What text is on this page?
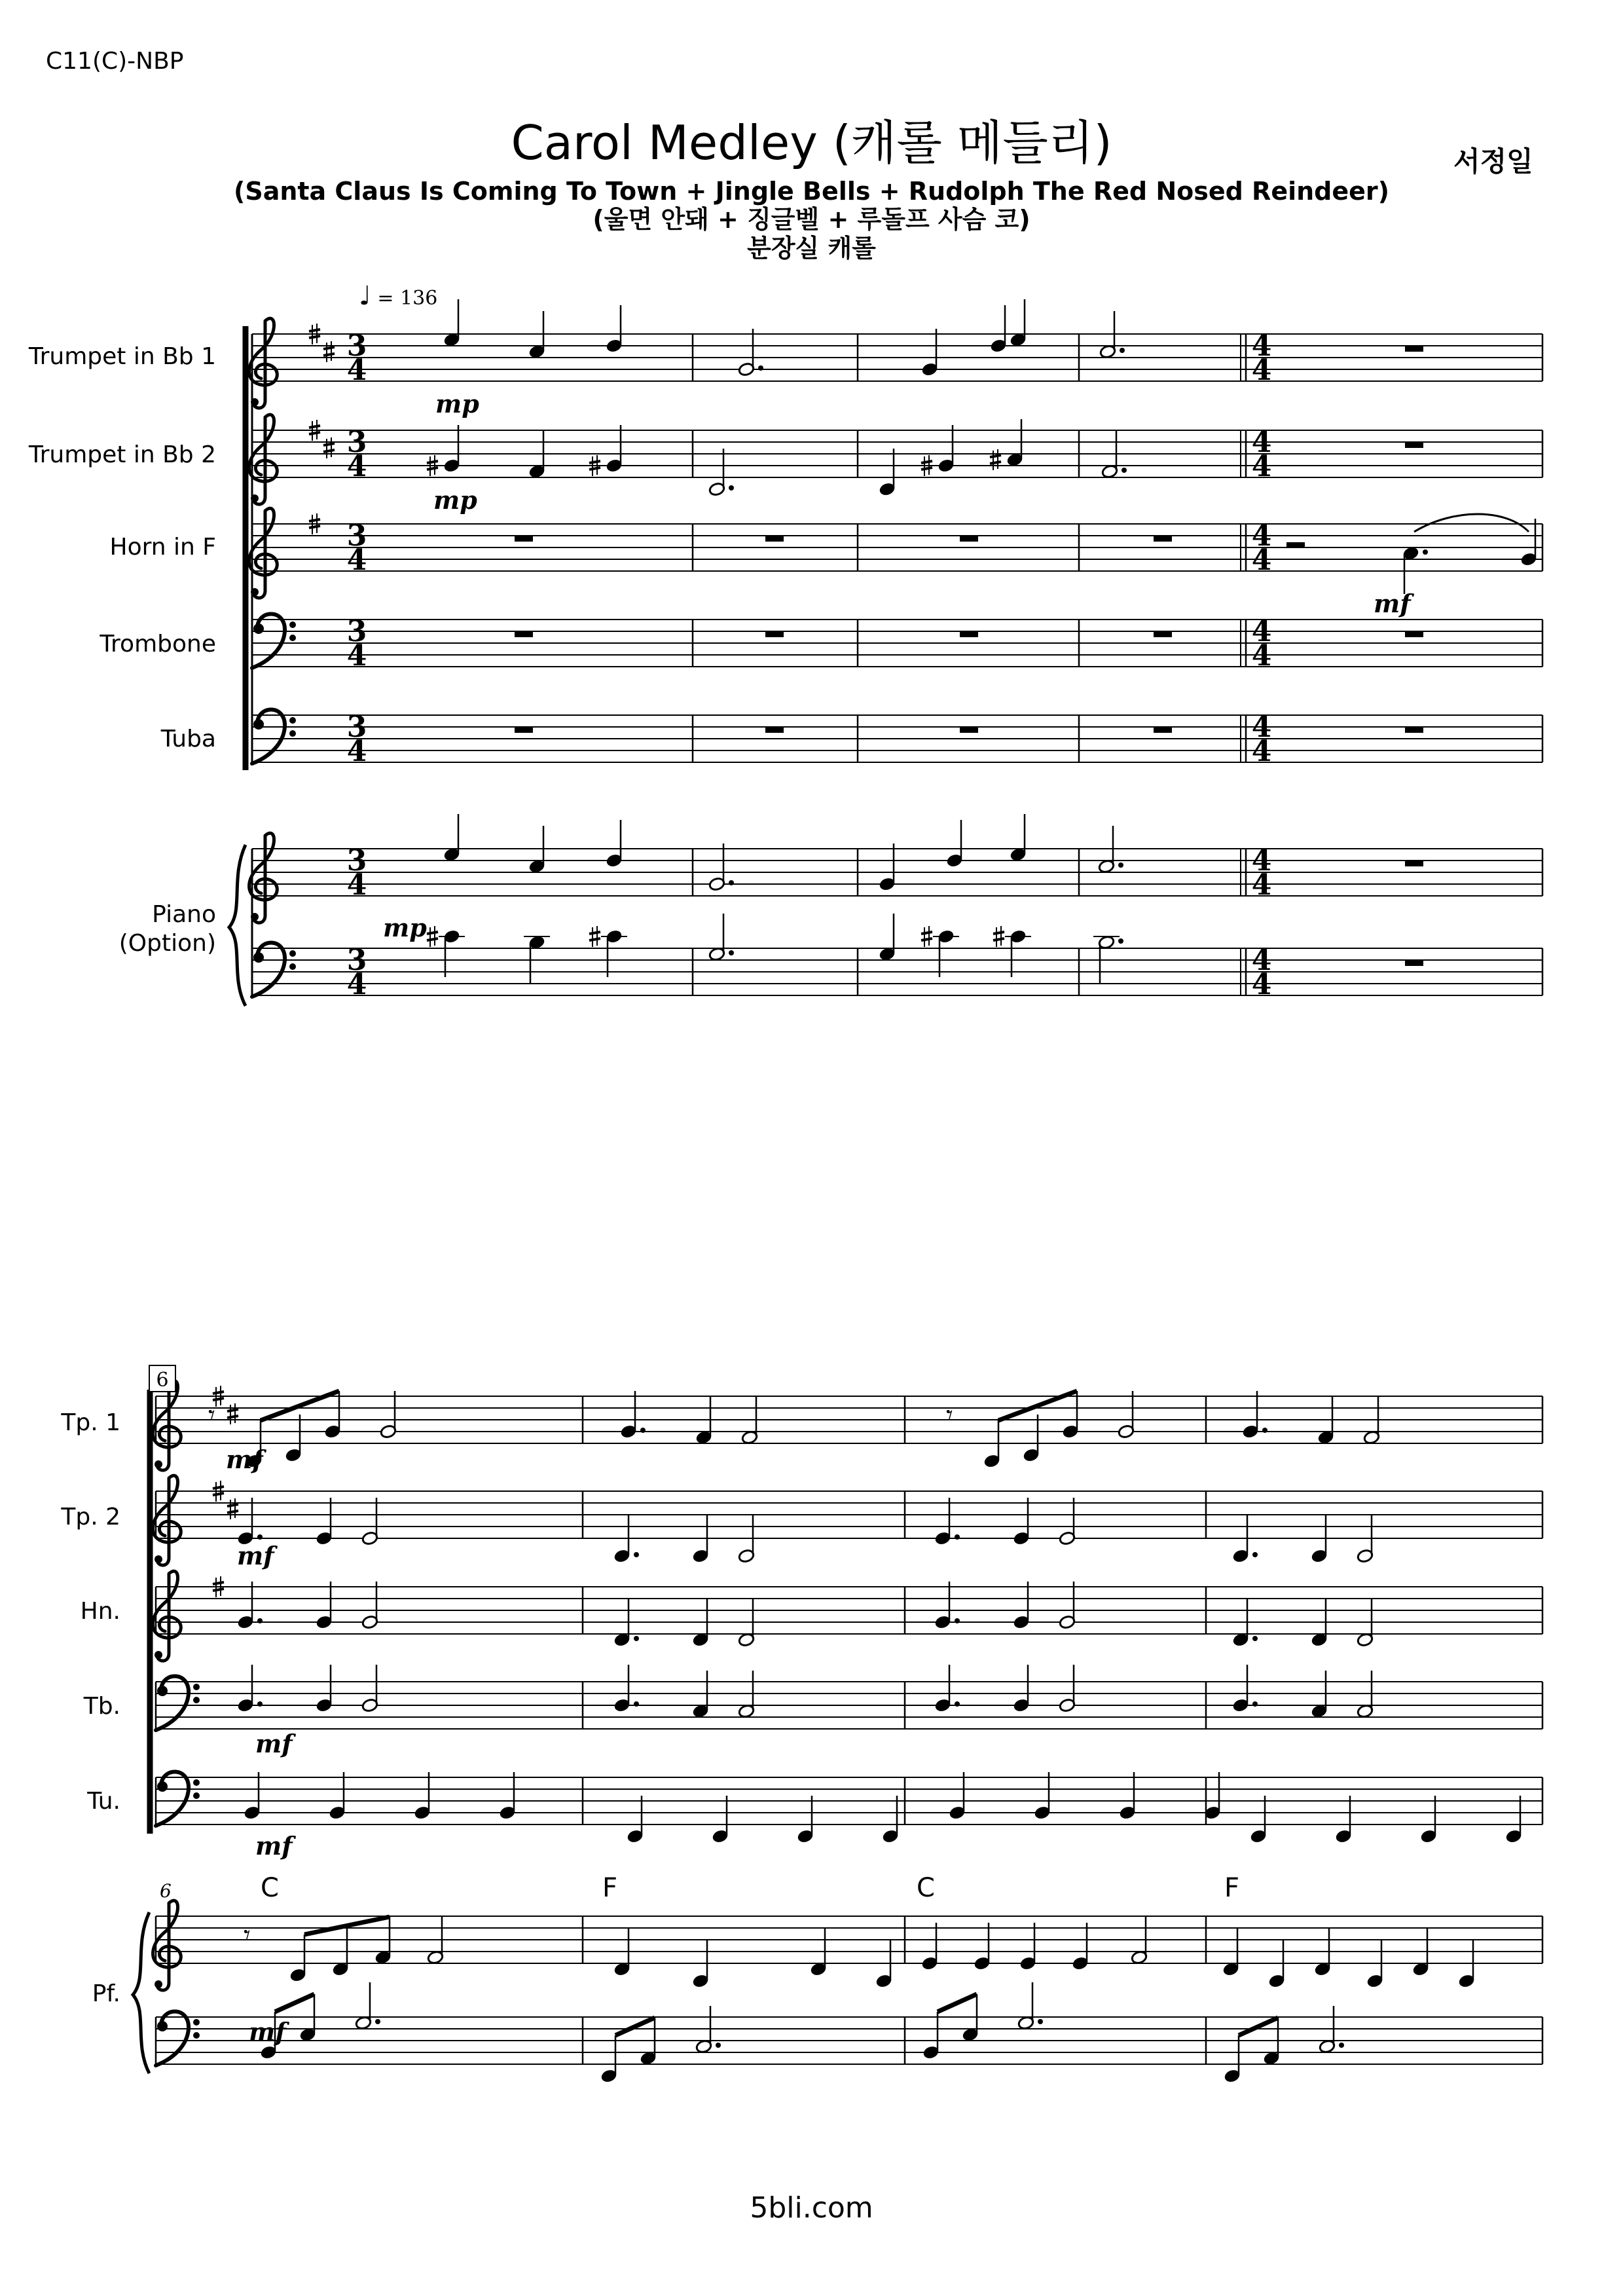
C11(C)-NBP
Carol Medley (캐롤 메들리)	서정일
(Santa Claus Is Coming To Town + Jingle Bells + Rudolph The Red Nosed Reindeer)
(울면 안돼 + 징글벨 + 루돌프 사슴 코)
분장실 캐롤
♩ = 136
Trumpet in Bb 1
Trumpet in Bb 2
Horn in F
Trombone
Tuba
Piano
(Option)
Tp. 1
Tp. 2
Hn.
Tb.
Tu.
Pf.
5bli.com
3
4
4
4
3
4
4
4
3
4
4
4
3
4
4
4
3
4
4
4
3
4
4
4
3
4
4
4
mp
mp
mf
mp
6
6	C	F	C	F
𝄾	𝄾
mf
mf
mf
mf
𝄾
mf
